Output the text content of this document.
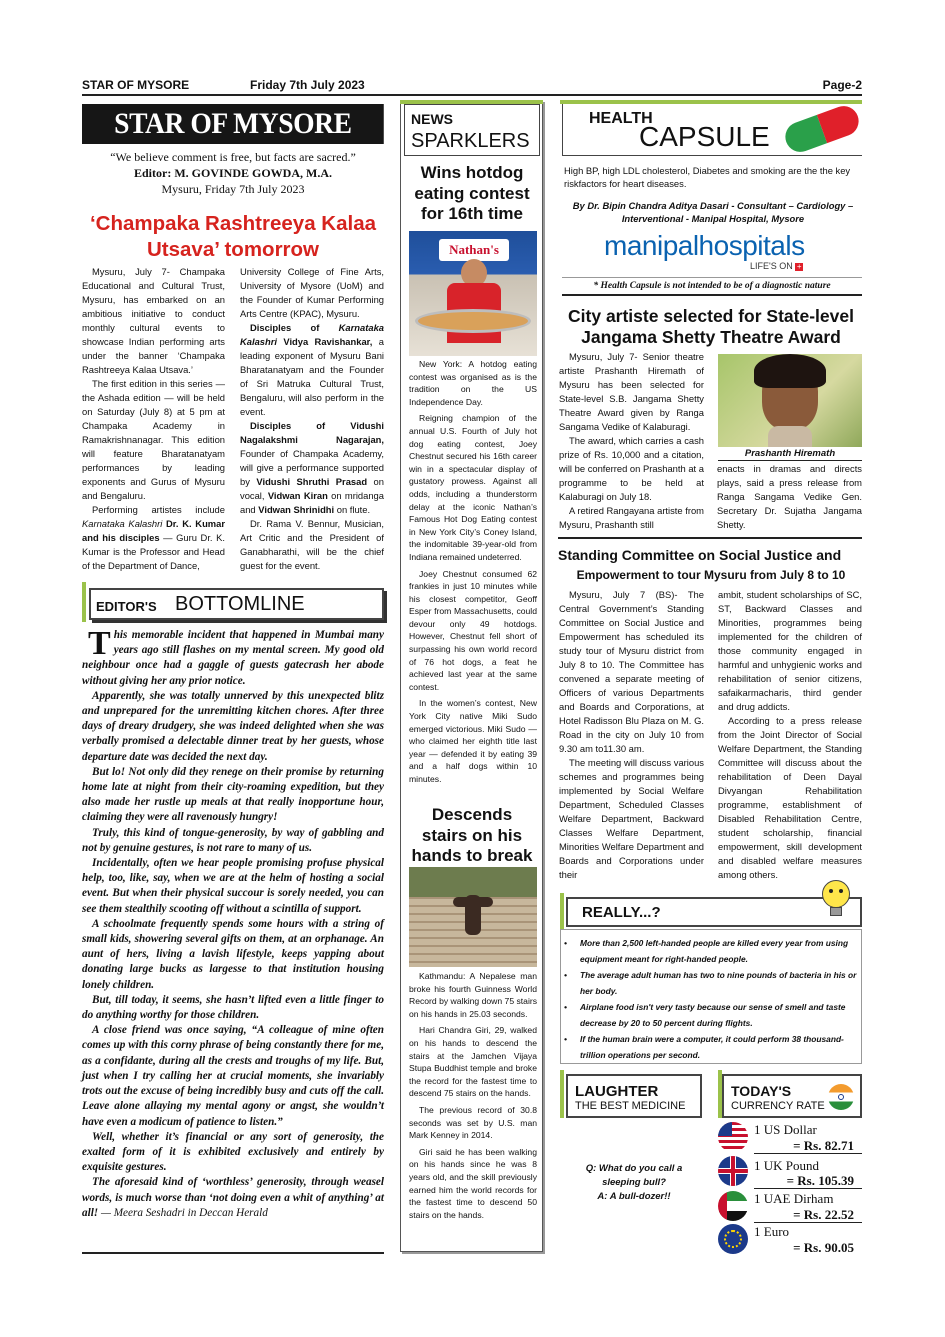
STAR OF MYSORE	Friday 7th July 2023	Page-2
STAR OF MYSORE
“We believe comment is free, but facts are sacred.”
Editor: M. GOVINDE GOWDA, M.A.
Mysuru, Friday 7th July 2023
‘Champaka Rashtreeya Kalaa Utsava’ tomorrow
Mysuru, July 7- Champaka Educational and Cultural Trust, Mysuru, has embarked on an ambitious initiative to conduct monthly cultural events to showcase Indian performing arts under the banner ‘Champaka Rashtreeya Kalaa Utsava.’
The first edition in this series — the Ashada edition — will be held on Saturday (July 8) at 5 pm at Champaka Academy in Ramakrishnanagar. This edition will feature Bharatanatyam performances by leading exponents and Gurus of Mysuru and Bengaluru.
Performing artistes include Karnataka Kalashri Dr. K. Kumar and his disciples — Guru Dr. K. Kumar is the Professor and Head of the Department of Dance,
University College of Fine Arts, University of Mysore (UoM) and the Founder of Kumar Performing Arts Centre (KPAC), Mysuru.
Disciples of Karnataka Kalashri Vidya Ravishankar, a leading exponent of Mysuru Bani Bharatanatyam and the Founder of Sri Matruka Cultural Trust, Bengaluru, will also perform in the event.
Disciples of Vidushi Nagalakshmi Nagarajan, Founder of Champaka Academy, will give a performance supported by Vidushi Shruthi Prasad on vocal, Vidwan Kiran on mridanga and Vidwan Shrinidhi on flute.
Dr. Rama V. Bennur, Musician, Art Critic and the President of Ganabharathi, will be the chief guest for the event.
EDITOR'S BOTTOMLINE
This memorable incident that happened in Mumbai many years ago still flashes on my mental screen. My good old neighbour once had a gaggle of guests gatecrash her abode without giving her any prior notice.
Apparently, she was totally unnerved by this unexpected blitz and unprepared for the unremitting kitchen chores. After three days of dreary drudgery, she was indeed delighted when she was verbally promised a delectable dinner treat by her guests, whose departure date was decided the next day.
But lo! Not only did they renege on their promise by returning home late at night from their city-roaming expedition, but they also made her rustle up meals at that really inopportune hour, claiming they were all ravenously hungry!
Truly, this kind of tongue-generosity, by way of gabbling and not by genuine gestures, is not rare to many of us.
Incidentally, often we hear people promising profuse physical help, too, like, say, when we are at the helm of hosting a social event. But when their physical succour is sorely needed, you can see them stealthily scooting off without a scintilla of support.
A schoolmate frequently spends some hours with a string of small kids, showering several gifts on them, at an orphanage. An aunt of hers, living a lavish lifestyle, keeps yapping about donating large bucks as largesse to that institution housing lonely children.
But, till today, it seems, she hasn’t lifted even a little finger to do anything worthy for those children.
A close friend was once saying, “A colleague of mine often comes up with this corny phrase of being constantly there for me, as a confidante, during all the crests and troughs of my life. But, just when I try calling her at crucial moments, she invariably trots out the excuse of being incredibly busy and cuts off the call. Leave alone allaying my mental agony or angst, she wouldn’t have even a modicum of patience to listen.”
Well, whether it’s financial or any sort of generosity, the exalted form of it is exhibited exclusively and entirely by exquisite gestures.
The aforesaid kind of ‘worthless’ generosity, through weasel words, is much worse than ‘not doing even a whit of anything’ at all! — Meera Seshadri in Deccan Herald
NEWS
SPARKLERS
Wins hotdog eating contest for 16th time
Nathan's
New York: A hotdog eating contest was organised as is the tradition on the US Independence Day.
Reigning champion of the annual U.S. Fourth of July hot dog eating contest, Joey Chestnut secured his 16th career win in a spectacular display of gustatory prowess. Against all odds, including a thunderstorm delay at the iconic Nathan’s Famous Hot Dog Eating contest in New York City’s Coney Island, the indomitable 39-year-old from Indiana remained undeterred.
Joey Chestnut consumed 62 frankies in just 10 minutes while his closest competitor, Geoff Esper from Massachusetts, could devour only 49 hotdogs. However, Chestnut fell short of surpassing his own world record of 76 hot dogs, a feat he achieved last year at the same contest.
In the women’s contest, New York City native Miki Sudo emerged victorious. Miki Sudo — who claimed her eighth title last year — defended it by eating 39 and a half dogs within 10 minutes.
Descends stairs on his hands to break
Kathmandu: A Nepalese man broke his fourth Guinness World Record by walking down 75 stairs on his hands in 25.03 seconds.
Hari Chandra Giri, 29, walked on his hands to descend the stairs at the Jamchen Vijaya Stupa Buddhist temple and broke the record for the fastest time to descend 75 stairs on the hands.
The previous record of 30.8 seconds was set by U.S. man Mark Kenney in 2014.
Giri said he has been walking on his hands since he was 8 years old, and the skill previously earned him the world records for the fastest time to descend 50 stairs on the hands.
HEALTH
CAPSULE
High BP, high LDL cholesterol, Diabetes and smoking are the the key riskfactors for heart diseases.
By Dr. Bipin Chandra Aditya Dasari - Consultant – Cardiology – Interventional - Manipal Hospital, Mysore
manipalhospitals
LIFE'S ON +
* Health Capsule is not intended to be of a diagnostic nature
City artiste selected for State-level Jangama Shetty Theatre Award
Mysuru, July 7- Senior theatre artiste Prashanth Hiremath of Mysuru has been selected for State-level S.B. Jangama Shetty Theatre Award given by Ranga Sangama Vedike of Kalaburagi.
The award, which carries a cash prize of Rs. 10,000 and a citation, will be conferred on Prashanth at a programme to be held at Kalaburagi on July 18.
A retired Rangayana artiste from Mysuru, Prashanth still
Prashanth Hiremath
enacts in dramas and directs plays, said a press release from Ranga Sangama Vedike Gen. Secretary Dr. Sujatha Jangama Shetty.
Standing Committee on Social Justice and
Empowerment to tour Mysuru from July 8 to 10
Mysuru, July 7 (BS)- The Central Government’s Standing Committee on Social Justice and Empowerment has scheduled its study tour of Mysuru district from July 8 to 10. The Committee has convened a separate meeting of Officers of various Departments and Boards and Corporations, at Hotel Radisson Blu Plaza on M. G. Road in the city on July 10 from 9.30 am to11.30 am.
The meeting will discuss various schemes and programmes being implemented by Social Welfare Department, Scheduled Classes Welfare Department, Backward Classes Welfare Department, Minorities Welfare Department and Boards and Corporations under their
ambit, student scholarships of SC, ST, Backward Classes and Minorities, programmes being implemented for the children of those community engaged in harmful and unhygienic works and rehabilitation of senior citizens, safaikarmacharis, third gender and drug addicts.
According to a press release from the Joint Director of Social Welfare Department, the Standing Committee will discuss about the rehabilitation of Deen Dayal Divyangan Rehabilitation programme, establishment of Disabled Rehabilitation Centre, student scholarship, financial empowerment, skill development and disabled welfare measures among others.
REALLY...?
• More than 2,500 left-handed people are killed every year from using equipment meant for right-handed people.
• The average adult human has two to nine pounds of bacteria in his or her body.
• Airplane food isn't very tasty because our sense of smell and taste decrease by 20 to 50 percent during flights.
• If the human brain were a computer, it could perform 38 thousand-trillion operations per second.
LAUGHTER
THE BEST MEDICINE
Q: What do you call a sleeping bull?
A: A bull-dozer!!
TODAY'S
CURRENCY RATE
1 US Dollar
= Rs. 82.71
1 UK Pound
= Rs. 105.39
1 UAE Dirham
= Rs. 22.52
1 Euro
= Rs. 90.05
